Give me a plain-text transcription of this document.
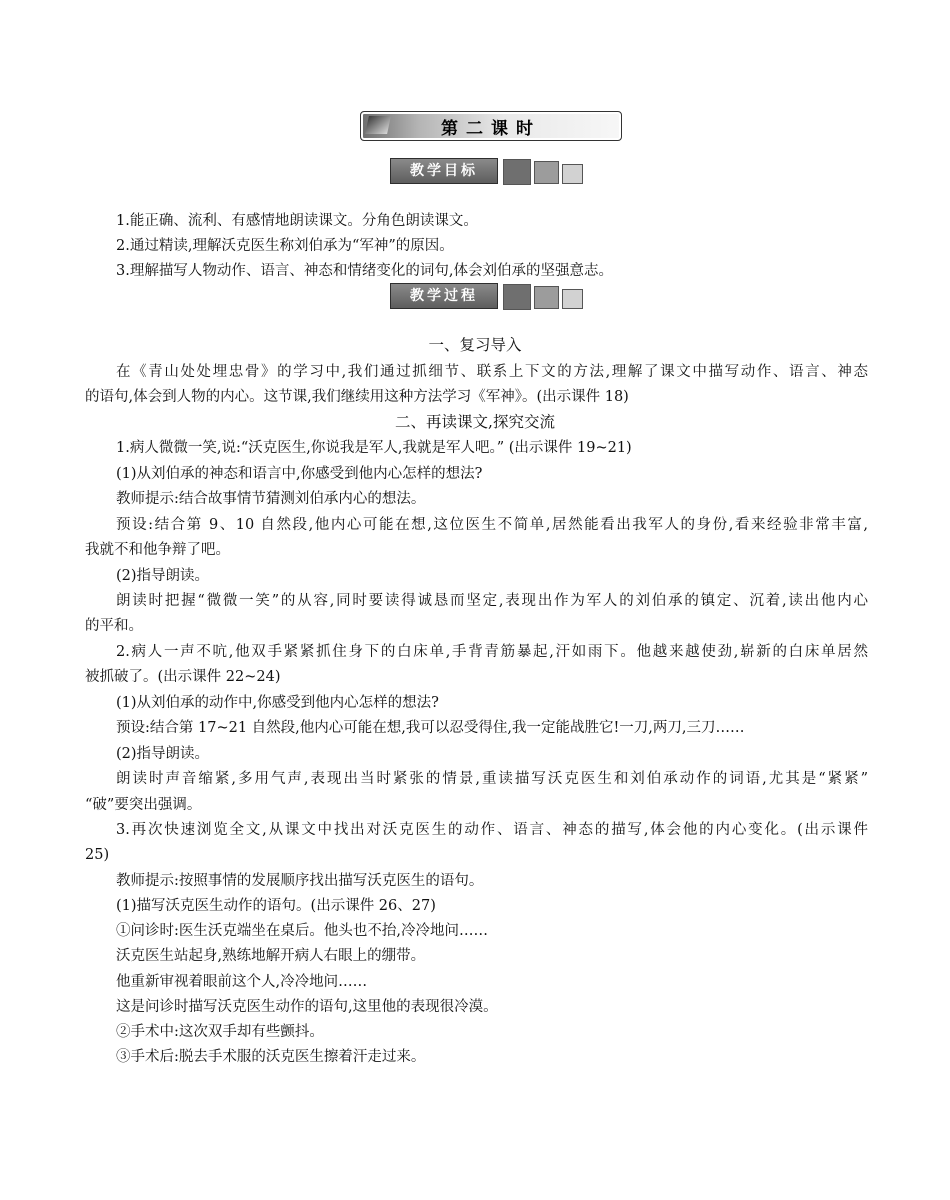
第二课时
教学目标
1.能正确、流利、有感情地朗读课文。分角色朗读课文。
2.通过精读,理解沃克医生称刘伯承为“军神”的原因。
3.理解描写人物动作、语言、神态和情绪变化的词句,体会刘伯承的坚强意志。
教学过程
一、复习导入
在《青山处处埋忠骨》的学习中,我们通过抓细节、联系上下文的方法,理解了课文中描写动作、语言、神态
的语句,体会到人物的内心。这节课,我们继续用这种方法学习《军神》。(出示课件 18)
二、再读课文,探究交流
1.病人微微一笑,说:“沃克医生,你说我是军人,我就是军人吧。” (出示课件 19~21)
(1)从刘伯承的神态和语言中,你感受到他内心怎样的想法?
教师提示:结合故事情节猜测刘伯承内心的想法。
预设:结合第 9、10 自然段,他内心可能在想,这位医生不简单,居然能看出我军人的身份,看来经验非常丰富,
我就不和他争辩了吧。
(2)指导朗读。
朗读时把握“微微一笑”的从容,同时要读得诚恳而坚定,表现出作为军人的刘伯承的镇定、沉着,读出他内心
的平和。
2.病人一声不吭,他双手紧紧抓住身下的白床单,手背青筋暴起,汗如雨下。他越来越使劲,崭新的白床单居然
被抓破了。(出示课件 22~24)
(1)从刘伯承的动作中,你感受到他内心怎样的想法?
预设:结合第 17~21 自然段,他内心可能在想,我可以忍受得住,我一定能战胜它!一刀,两刀,三刀……
(2)指导朗读。
朗读时声音缩紧,多用气声,表现出当时紧张的情景,重读描写沃克医生和刘伯承动作的词语,尤其是“紧紧”
“破”要突出强调。
3.再次快速浏览全文,从课文中找出对沃克医生的动作、语言、神态的描写,体会他的内心变化。(出示课件
25)
教师提示:按照事情的发展顺序找出描写沃克医生的语句。
(1)描写沃克医生动作的语句。(出示课件 26、27)
①问诊时:医生沃克端坐在桌后。他头也不抬,冷冷地问……
沃克医生站起身,熟练地解开病人右眼上的绷带。
他重新审视着眼前这个人,冷冷地问……
这是问诊时描写沃克医生动作的语句,这里他的表现很冷漠。
②手术中:这次双手却有些颤抖。
③手术后:脱去手术服的沃克医生擦着汗走过来。
